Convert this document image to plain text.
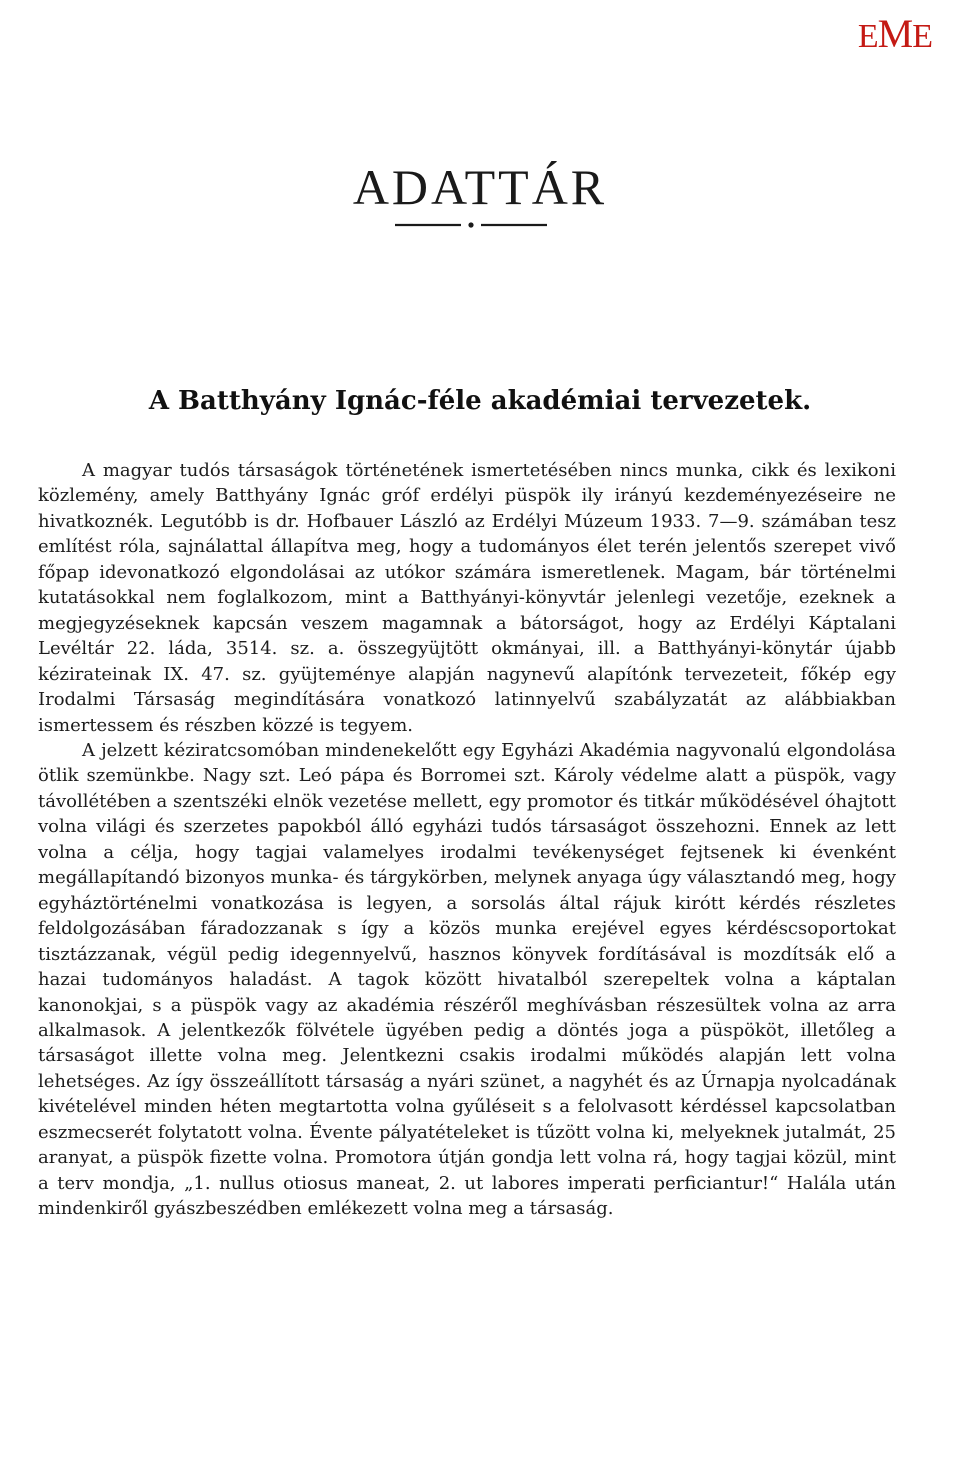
EME
ADATTÁR
A Batthyány Ignác-féle akadémiai tervezetek.

A magyar tudós társaságok történetének ismertetésében nincs munka, cikk és lexikoni közlemény, amely Batthyány Ignác gróf erdélyi püspök ily irányú kezdeményezéseire ne hivatkoznék. Legutóbb is dr. Hofbauer László az Erdélyi Múzeum 1933. 7—9. számában tesz említést róla, sajnálattal állapítva meg, hogy a tudományos élet terén jelentős szerepet vivő főpap idevonatkozó elgondolásai az utókor számára ismeretlenek. Magam, bár történelmi kutatásokkal nem foglalkozom, mint a Batthyányi-könyvtár jelenlegi vezetője, ezeknek a megjegyzéseknek kapcsán veszem magamnak a bátorságot, hogy az Erdélyi Káptalani Levéltár 22. láda, 3514. sz. a. összegyüjtött okmányai, ill. a Batthyányi-könytár újabb kézirateinak IX. 47. sz. gyüjteménye alapján nagynevű alapítónk tervezeteit, főkép egy Irodalmi Társaság megindítására vonatkozó latinnyelvű szabályzatát az alábbiakban ismertessem és részben közzé is tegyem.

A jelzett kéziratcsomóban mindenekelőtt egy Egyházi Akadémia nagyvonalú elgondolása ötlik szemünkbe. Nagy szt. Leó pápa és Borromei szt. Károly védelme alatt a püspök, vagy távollétében a szentszéki elnök vezetése mellett, egy promotor és titkár működésével óhajtott volna világi és szerzetes papokból álló egyházi tudós társaságot összehozni. Ennek az lett volna a célja, hogy tagjai valamelyes irodalmi tevékenységet fejtsenek ki évenként megállapítandó bizonyos munka- és tárgykörben, melynek anyaga úgy választandó meg, hogy egyháztörténelmi vonatkozása is legyen, a sorsolás által rájuk kirótt kérdés részletes feldolgozásában fáradozzanak s így a közös munka erejével egyes kérdéscsoportokat tisztázzanak, végül pedig idegennyelvű, hasznos könyvek fordításával is mozdítsák elő a hazai tudományos haladást. A tagok között hivatalból szerepeltek volna a káptalan kanonokjai, s a püspök vagy az akadémia részéről meghívásban részesültek volna az arra alkalmasok. A jelentkezők fölvétele ügyében pedig a döntés joga a püspököt, illetőleg a társaságot illette volna meg. Jelentkezni csakis irodalmi működés alapján lett volna lehetséges. Az így összeállított társaság a nyári szünet, a nagyhét és az Úrnapja nyolcadának kivételével minden héten megtartotta volna gyűléseit s a felolvasott kérdéssel kapcsolatban eszmecserét folytatott volna. Évente pályatételeket is tűzött volna ki, melyeknek jutalmát, 25 aranyat, a püspök fizette volna. Promotora útján gondja lett volna rá, hogy tagjai közül, mint a terv mondja, „1. nullus otiosus maneat, 2. ut labores imperati perficiantur!“ Halála után mindenkiről gyászbeszédben emlékezett volna meg a társaság.
